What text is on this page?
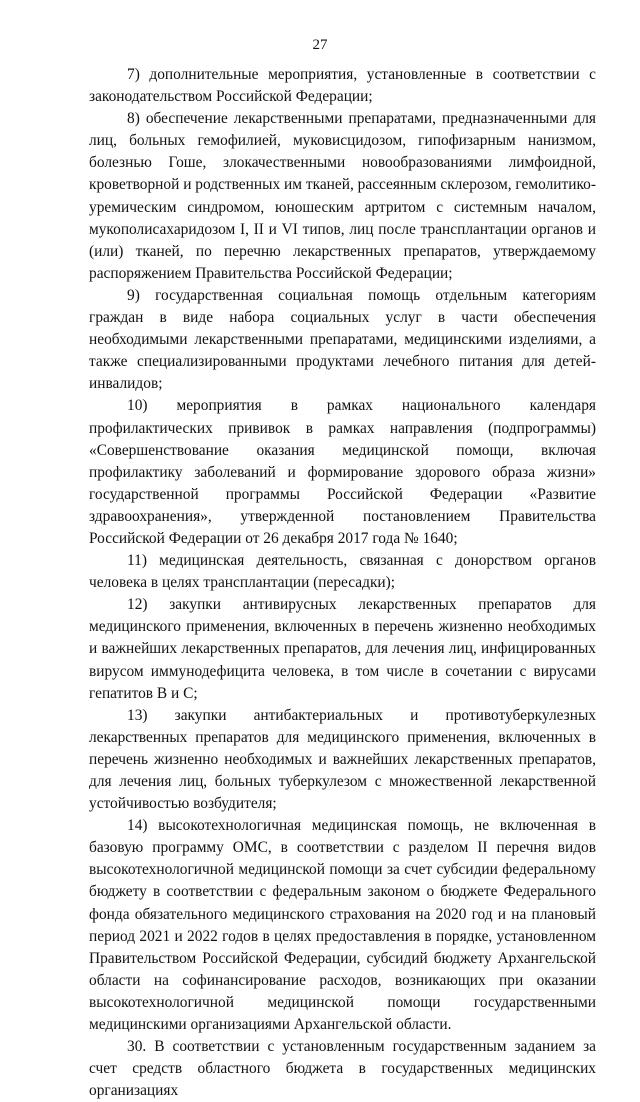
27

7) дополнительные мероприятия, установленные в соответствии с законодательством Российской Федерации;

8) обеспечение лекарственными препаратами, предназначенными для лиц, больных гемофилией, муковисцидозом, гипофизарным нанизмом, болезнью Гоше, злокачественными новообразованиями лимфоидной, кроветворной и родственных им тканей, рассеянным склерозом, гемолитико-уремическим синдромом, юношеским артритом с системным началом, мукополисахаридозом I, II и VI типов, лиц после трансплантации органов и (или) тканей, по перечню лекарственных препаратов, утверждаемому распоряжением Правительства Российской Федерации;

9) государственная социальная помощь отдельным категориям граждан в виде набора социальных услуг в части обеспечения необходимыми лекарственными препаратами, медицинскими изделиями, а также специализированными продуктами лечебного питания для детей-инвалидов;

10) мероприятия в рамках национального календаря профилактических прививок в рамках направления (подпрограммы) «Совершенствование оказания медицинской помощи, включая профилактику заболеваний и формирование здорового образа жизни» государственной программы Российской Федерации «Развитие здравоохранения», утвержденной постановлением Правительства Российской Федерации от 26 декабря 2017 года № 1640;

11) медицинская деятельность, связанная с донорством органов человека в целях трансплантации (пересадки);

12) закупки антивирусных лекарственных препаратов для медицинского применения, включенных в перечень жизненно необходимых и важнейших лекарственных препаратов, для лечения лиц, инфицированных вирусом иммунодефицита человека, в том числе в сочетании с вирусами гепатитов B и C;

13) закупки антибактериальных и противотуберкулезных лекарственных препаратов для медицинского применения, включенных в перечень жизненно необходимых и важнейших лекарственных препаратов, для лечения лиц, больных туберкулезом с множественной лекарственной устойчивостью возбудителя;

14) высокотехнологичная медицинская помощь, не включенная в базовую программу ОМС, в соответствии с разделом II перечня видов высокотехнологичной медицинской помощи за счет субсидии федеральному бюджету в соответствии с федеральным законом о бюджете Федерального фонда обязательного медицинского страхования на 2020 год и на плановый период 2021 и 2022 годов в целях предоставления в порядке, установленном Правительством Российской Федерации, субсидий бюджету Архангельской области на софинансирование расходов, возникающих при оказании высокотехнологичной медицинской помощи государственными медицинскими организациями Архангельской области.

30. В соответствии с установленным государственным заданием за счет средств областного бюджета в государственных медицинских организациях
